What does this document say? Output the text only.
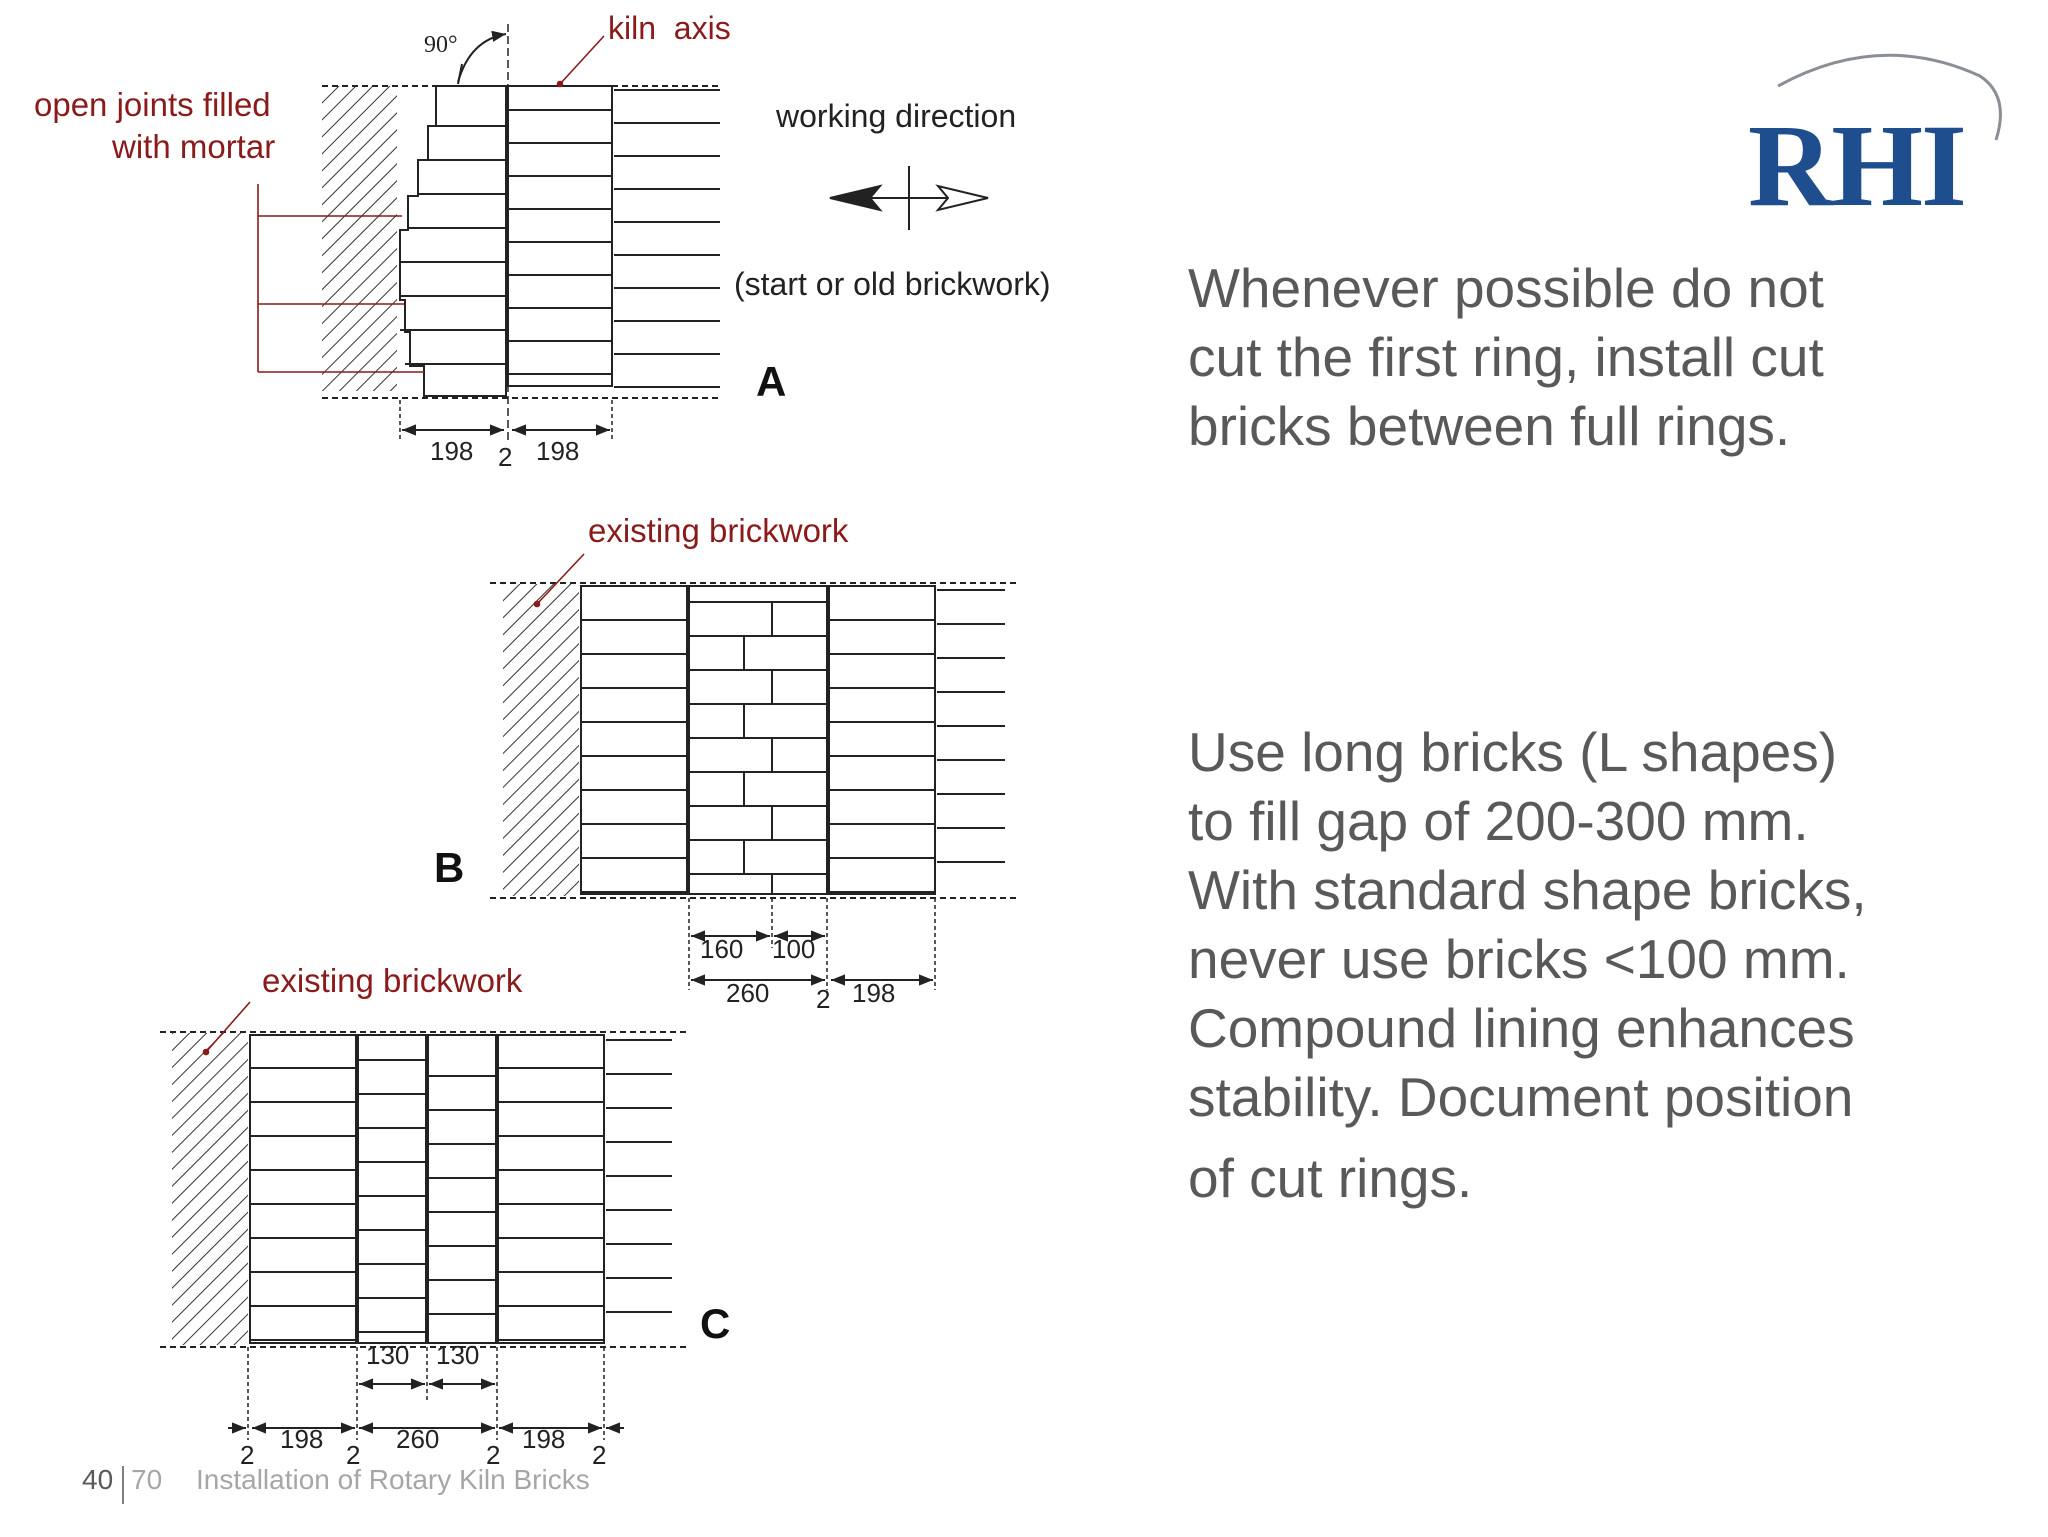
90°	kiln  axis
open joints filled
with mortar
working direction
(start or old brickwork)
A
198 2 198
existing brickwork
B
160 100
260 2 198
existing brickwork
C
130 130
198	260	198
2	2	2	2
RHI
Whenever possible do not
cut the first ring, install cut
bricks between full rings.
Use long bricks (L shapes)
to fill gap of 200-300 mm.
With standard shape bricks,
never use bricks <100 mm.
Compound lining enhances
stability. Document position
of cut rings.
40 70 Installation of Rotary Kiln Bricks
